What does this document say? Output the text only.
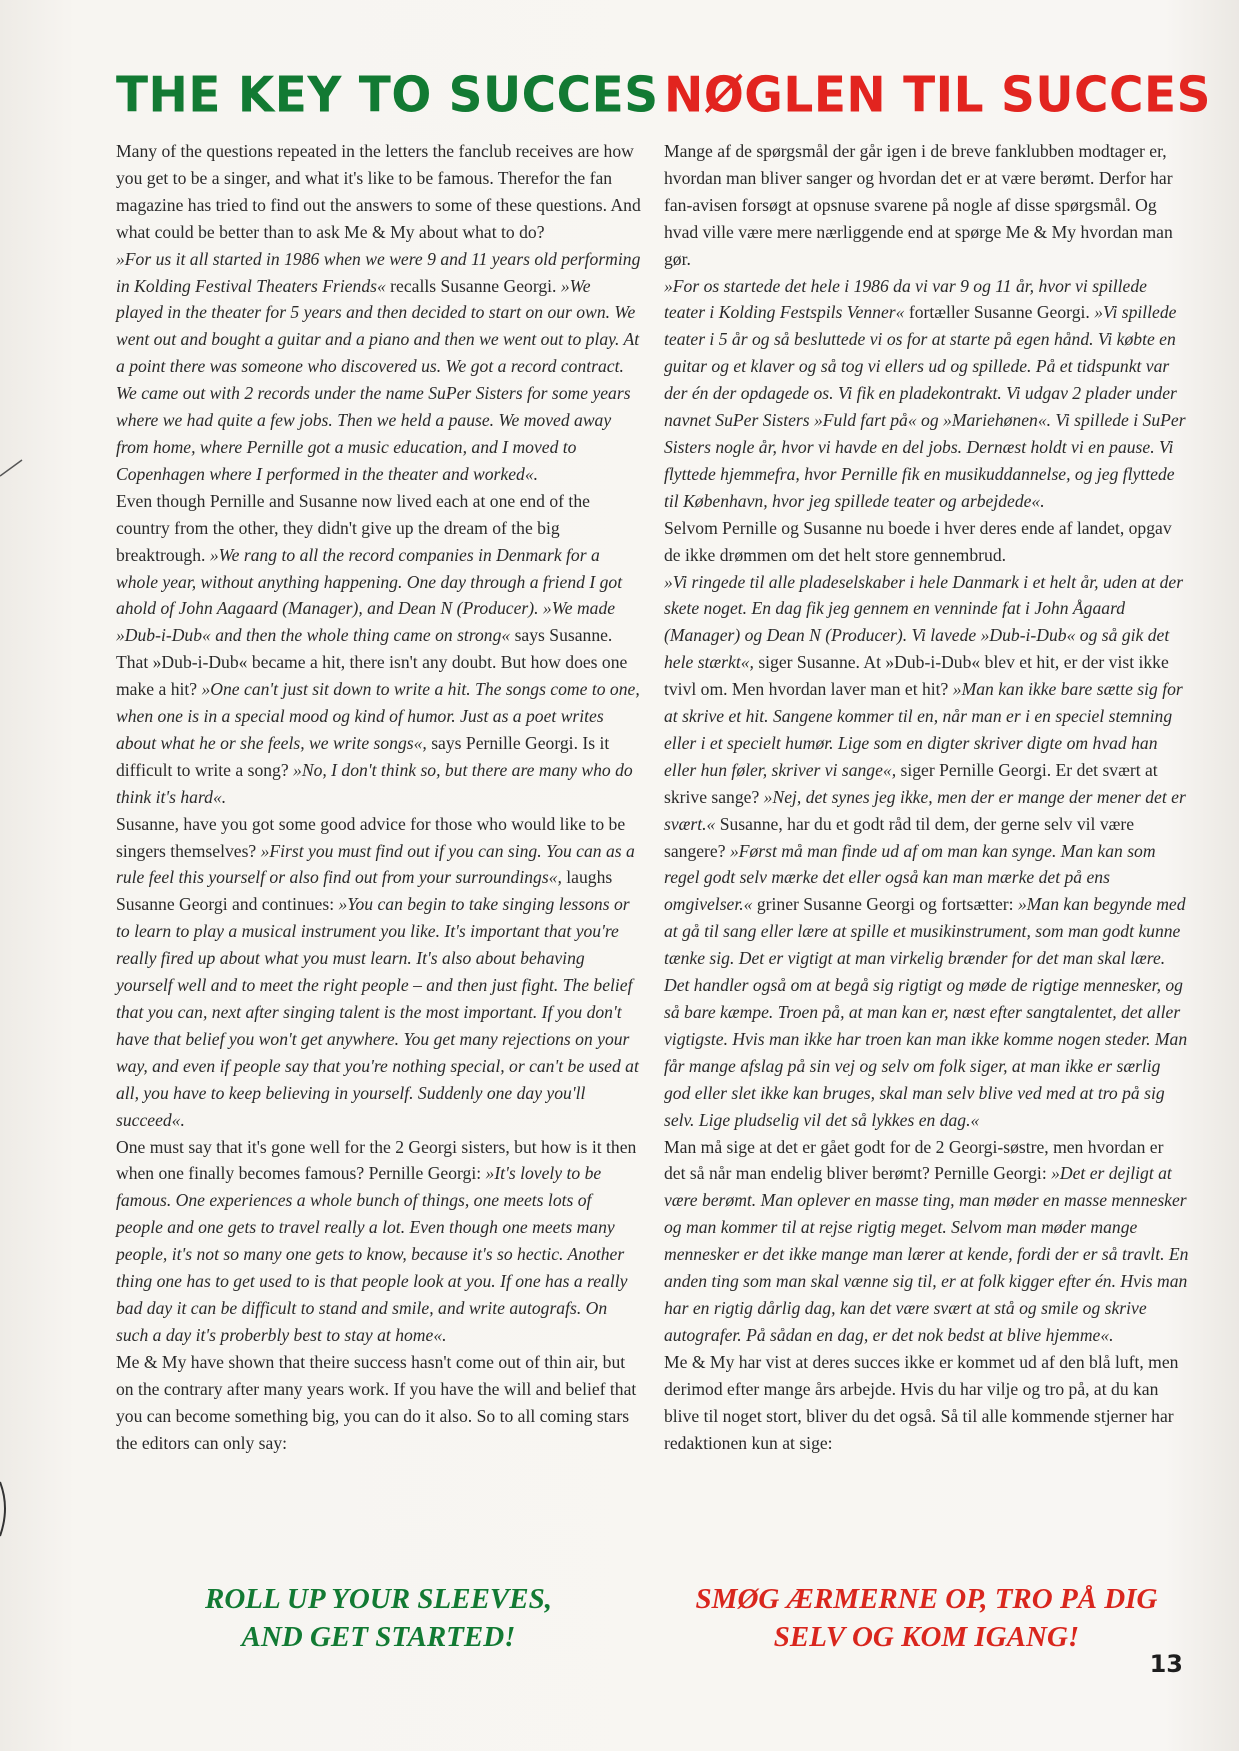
THE KEY TO SUCCES

Many of the questions repeated in the letters the fanclub receives are how you get to be a singer, and what it's like to be famous. Therefor the fan magazine has tried to find out the answers to some of these questions. And what could be better than to ask Me & My about what to do?

»For us it all started in 1986 when we were 9 and 11 years old performing in Kolding Festival Theaters Friends« recalls Susanne Georgi. »We played in the theater for 5 years and then decided to start on our own. We went out and bought a guitar and a piano and then we went out to play. At a point there was someone who discovered us. We got a record contract. We came out with 2 records under the name SuPer Sisters for some years where we had quite a few jobs. Then we held a pause. We moved away from home, where Pernille got a music education, and I moved to Copenhagen where I performed in the theater and worked«.

Even though Pernille and Susanne now lived each at one end of the country from the other, they didn't give up the dream of the big breaktrough. »We rang to all the record companies in Denmark for a whole year, without anything happening. One day through a friend I got ahold of John Aagaard (Manager), and Dean N (Producer). »We made »Dub-i-Dub« and then the whole thing came on strong« says Susanne. That »Dub-i-Dub« became a hit, there isn't any doubt. But how does one make a hit? »One can't just sit down to write a hit. The songs come to one, when one is in a special mood og kind of humor. Just as a poet writes about what he or she feels, we write songs«, says Pernille Georgi. Is it difficult to write a song? »No, I don't think so, but there are many who do think it's hard«.

Susanne, have you got some good advice for those who would like to be singers themselves? »First you must find out if you can sing. You can as a rule feel this yourself or also find out from your surroundings«, laughs Susanne Georgi and continues: »You can begin to take singing lessons or to learn to play a musical instrument you like. It's important that you're really fired up about what you must learn. It's also about behaving yourself well and to meet the right people – and then just fight. The belief that you can, next after singing talent is the most important. If you don't have that belief you won't get anywhere. You get many rejections on your way, and even if people say that you're nothing special, or can't be used at all, you have to keep believing in yourself. Suddenly one day you'll succeed«.

One must say that it's gone well for the 2 Georgi sisters, but how is it then when one finally becomes famous? Pernille Georgi: »It's lovely to be famous. One experiences a whole bunch of things, one meets lots of people and one gets to travel really a lot. Even though one meets many people, it's not so many one gets to know, because it's so hectic. Another thing one has to get used to is that people look at you. If one has a really bad day it can be difficult to stand and smile, and write autografs. On such a day it's proberbly best to stay at home«.

Me & My have shown that theire success hasn't come out of thin air, but on the contrary after many years work. If you have the will and belief that you can become something big, you can do it also. So to all coming stars the editors can only say:

NØGLEN TIL SUCCES

Mange af de spørgsmål der går igen i de breve fanklubben modtager er, hvordan man bliver sanger og hvordan det er at være berømt. Derfor har fan-avisen forsøgt at opsnuse svarene på nogle af disse spørgsmål. Og hvad ville være mere nærliggende end at spørge Me & My hvordan man gør.

»For os startede det hele i 1986 da vi var 9 og 11 år, hvor vi spillede teater i Kolding Festspils Venner« fortæller Susanne Georgi. »Vi spillede teater i 5 år og så besluttede vi os for at starte på egen hånd. Vi købte en guitar og et klaver og så tog vi ellers ud og spillede. På et tidspunkt var der én der opdagede os. Vi fik en pladekontrakt. Vi udgav 2 plader under navnet SuPer Sisters »Fuld fart på« og »Mariehønen«. Vi spillede i SuPer Sisters nogle år, hvor vi havde en del jobs. Dernæst holdt vi en pause. Vi flyttede hjemmefra, hvor Pernille fik en musikuddannelse, og jeg flyttede til København, hvor jeg spillede teater og arbejdede«.

Selvom Pernille og Susanne nu boede i hver deres ende af landet, opgav de ikke drømmen om det helt store gennembrud.

»Vi ringede til alle pladeselskaber i hele Danmark i et helt år, uden at der skete noget. En dag fik jeg gennem en venninde fat i John Ågaard (Manager) og Dean N (Producer). Vi lavede »Dub-i-Dub« og så gik det hele stærkt«, siger Susanne. At »Dub-i-Dub« blev et hit, er der vist ikke tvivl om. Men hvordan laver man et hit? »Man kan ikke bare sætte sig for at skrive et hit. Sangene kommer til en, når man er i en speciel stemning eller i et specielt humør. Lige som en digter skriver digte om hvad han eller hun føler, skriver vi sange«, siger Pernille Georgi. Er det svært at skrive sange? »Nej, det synes jeg ikke, men der er mange der mener det er svært.« Susanne, har du et godt råd til dem, der gerne selv vil være sangere? »Først må man finde ud af om man kan synge. Man kan som regel godt selv mærke det eller også kan man mærke det på ens omgivelser.« griner Susanne Georgi og fortsætter: »Man kan begynde med at gå til sang eller lære at spille et musikinstrument, som man godt kunne tænke sig. Det er vigtigt at man virkelig brænder for det man skal lære. Det handler også om at begå sig rigtigt og møde de rigtige mennesker, og så bare kæmpe. Troen på, at man kan er, næst efter sangtalentet, det aller vigtigste. Hvis man ikke har troen kan man ikke komme nogen steder. Man får mange afslag på sin vej og selv om folk siger, at man ikke er særlig god eller slet ikke kan bruges, skal man selv blive ved med at tro på sig selv. Lige pludselig vil det så lykkes en dag.«

Man må sige at det er gået godt for de 2 Georgi-søstre, men hvordan er det så når man endelig bliver berømt? Pernille Georgi: »Det er dejligt at være berømt. Man oplever en masse ting, man møder en masse mennesker og man kommer til at rejse rigtig meget. Selvom man møder mange mennesker er det ikke mange man lærer at kende, fordi der er så travlt. En anden ting som man skal vænne sig til, er at folk kigger efter én. Hvis man har en rigtig dårlig dag, kan det være svært at stå og smile og skrive autografer. På sådan en dag, er det nok bedst at blive hjemme«.

Me & My har vist at deres succes ikke er kommet ud af den blå luft, men derimod efter mange års arbejde. Hvis du har vilje og tro på, at du kan blive til noget stort, bliver du det også. Så til alle kommende stjerner har redaktionen kun at sige:

ROLL UP YOUR SLEEVES,
AND GET STARTED!
SMØG ÆRMERNE OP, TRO PÅ DIG
SELV OG KOM IGANG!
13
